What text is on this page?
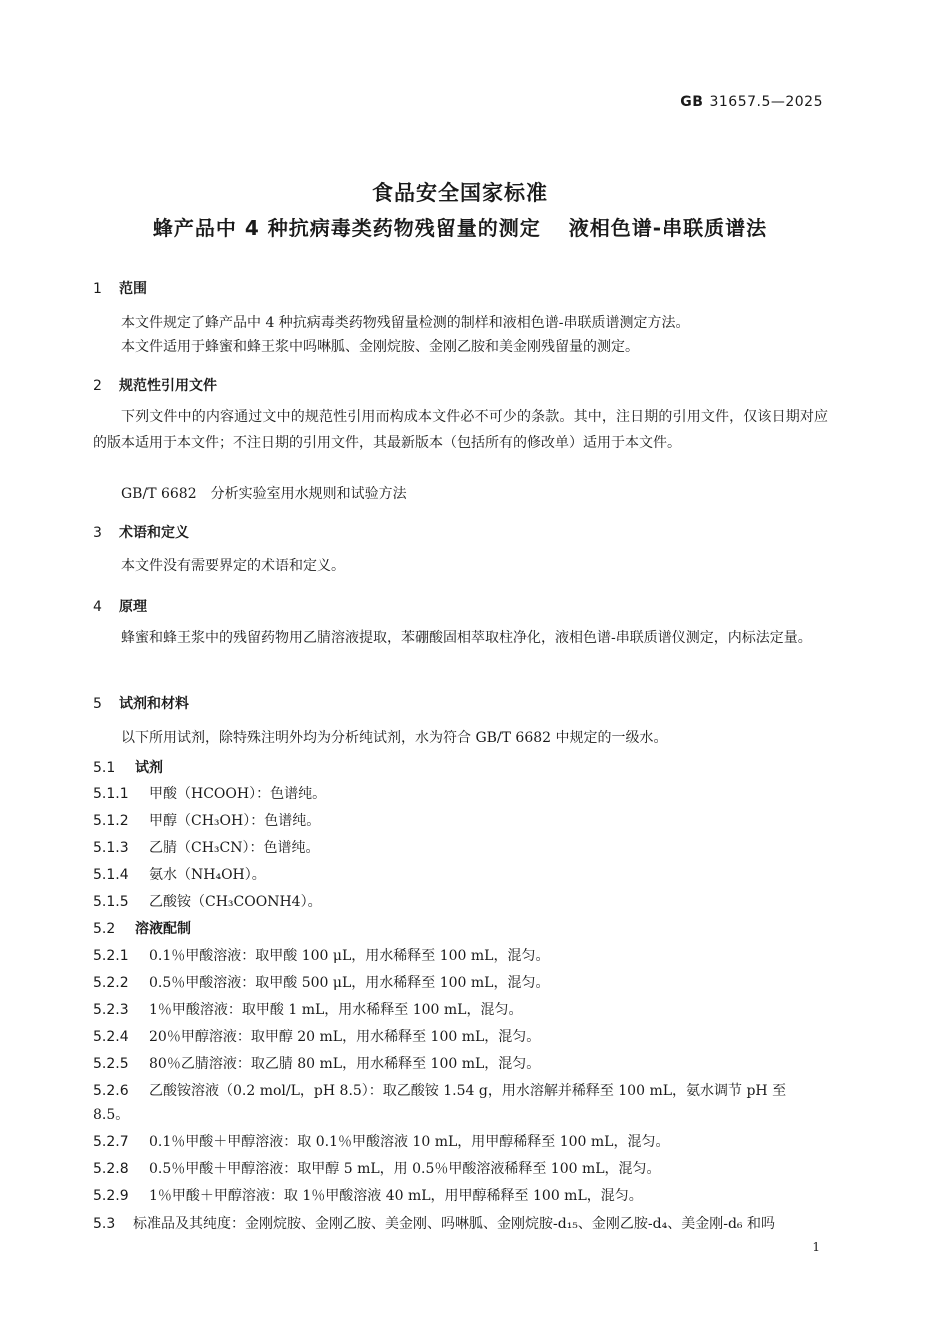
GB 31657.5—2025
食品安全国家标准
蜂产品中 4 种抗病毒类药物残留量的测定 液相色谱-串联质谱法
1 范围
本文件规定了蜂产品中 4 种抗病毒类药物残留量检测的制样和液相色谱-串联质谱测定方法。
本文件适用于蜂蜜和蜂王浆中吗啉胍、金刚烷胺、金刚乙胺和美金刚残留量的测定。
2 规范性引用文件
下列文件中的内容通过文中的规范性引用而构成本文件必不可少的条款。其中，注日期的引用文件，仅该日期对应的版本适用于本文件；不注日期的引用文件，其最新版本（包括所有的修改单）适用于本文件。
GB/T 6682　分析实验室用水规则和试验方法
3 术语和定义
本文件没有需要界定的术语和定义。
4 原理
蜂蜜和蜂王浆中的残留药物用乙腈溶液提取，苯硼酸固相萃取柱净化，液相色谱-串联质谱仪测定，内标法定量。
5 试剂和材料
以下所用试剂，除特殊注明外均为分析纯试剂，水为符合 GB/T 6682 中规定的一级水。
5.1 试剂
5.1.1 甲酸（HCOOH）：色谱纯。
5.1.2 甲醇（CH₃OH）：色谱纯。
5.1.3 乙腈（CH₃CN）：色谱纯。
5.1.4 氨水（NH₄OH）。
5.1.5 乙酸铵（CH₃COONH4）。
5.2 溶液配制
5.2.1 0.1％甲酸溶液：取甲酸 100 μL，用水稀释至 100 mL，混匀。
5.2.2 0.5％甲酸溶液：取甲酸 500 μL，用水稀释至 100 mL，混匀。
5.2.3 1％甲酸溶液：取甲酸 1 mL，用水稀释至 100 mL，混匀。
5.2.4 20％甲醇溶液：取甲醇 20 mL，用水稀释至 100 mL，混匀。
5.2.5 80％乙腈溶液：取乙腈 80 mL，用水稀释至 100 mL，混匀。
5.2.6 乙酸铵溶液（0.2 mol/L，pH 8.5）：取乙酸铵 1.54 g，用水溶解并稀释至 100 mL，氨水调节 pH 至
8.5。
5.2.7 0.1％甲酸＋甲醇溶液：取 0.1％甲酸溶液 10 mL，用甲醇稀释至 100 mL，混匀。
5.2.8 0.5％甲酸＋甲醇溶液：取甲醇 5 mL，用 0.5％甲酸溶液稀释至 100 mL，混匀。
5.2.9 1％甲酸＋甲醇溶液：取 1％甲酸溶液 40 mL，用甲醇稀释至 100 mL，混匀。
5.3 标准品及其纯度：金刚烷胺、金刚乙胺、美金刚、吗啉胍、金刚烷胺-d₁₅、金刚乙胺-d₄、美金刚-d₆ 和吗
1
